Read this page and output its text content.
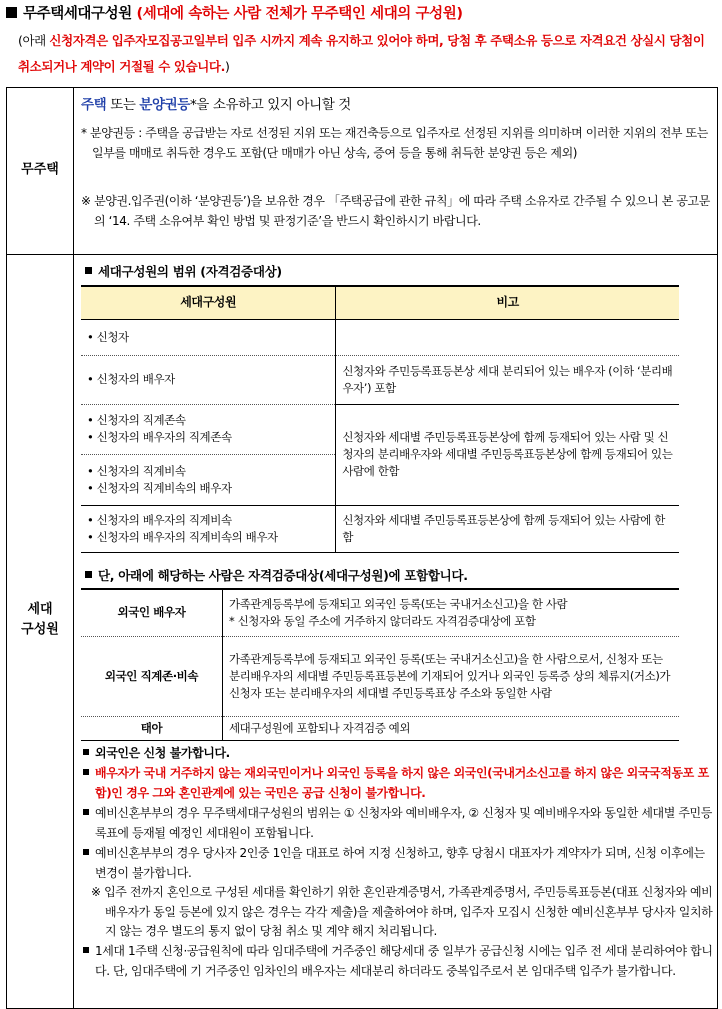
무주택세대구성원 (세대에 속하는 사람 전체가 무주택인 세대의 구성원)
(아래 신청자격은 입주자모집공고일부터 입주 시까지 계속 유지하고 있어야 하며, 당첨 후 주택소유 등으로 자격요건 상실시 당첨이 취소되거나 계약이 거절될 수 있습니다.)
무주택
주택 또는 분양권등*을 소유하고 있지 아니할 것
* 분양권등 : 주택을 공급받는 자로 선정된 지위 또는 재건축등으로 입주자로 선정된 지위를 의미하며 이러한 지위의 전부 또는 일부를 매매로 취득한 경우도 포함(단 매매가 아닌 상속, 증여 등을 통해 취득한 분양권 등은 제외)
※ 분양권.입주권(이하 ‘분양권등’)을 보유한 경우 「주택공급에 관한 규칙」에 따라 주택 소유자로 간주될 수 있으니 본 공고문의 ‘14. 주택 소유여부 확인 방법 및 판정기준’을 반드시 확인하시기 바랍니다.
세대
구성원
세대구성원의 범위 (자격검증대상)
세대구성원	비고

• 신청자	

• 신청자의 배우자	신청자와 주민등록표등본상 세대 분리되어 있는 배우자 (이하 ‘분리배우자’) 포함

• 신청자의 직계존속
• 신청자의 배우자의 직계존속	신청자와 세대별 주민등록표등본상에 함께 등재되어 있는 사람 및 신청자의 분리배우자와 세대별 주민등록표등본상에 함께 등재되어 있는 사람에 한함

• 신청자의 직계비속
• 신청자의 직계비속의 배우자	

• 신청자의 배우자의 직계비속
• 신청자의 배우자의 직계비속의 배우자	신청자와 세대별 주민등록표등본상에 함께 등재되어 있는 사람에 한함
단, 아래에 해당하는 사람은 자격검증대상(세대구성원)에 포함합니다.
외국인 배우자	가족관계등록부에 등재되고 외국인 등록(또는 국내거소신고)을 한 사람
* 신청자와 동일 주소에 거주하지 않더라도 자격검증대상에 포함

외국인 직계존·비속	가족관계등록부에 등재되고 외국인 등록(또는 국내거소신고)을 한 사람으로서, 신청자 또는 분리배우자의 세대별 주민등록표등본에 기재되어 있거나 외국인 등록증 상의 체류지(거소)가 신청자 또는 분리배우자의 세대별 주민등록표상 주소와 동일한 사람
태아	세대구성원에 포함되나 자격검증 예외
외국인은 신청 불가합니다.
배우자가 국내 거주하지 않는 재외국민이거나 외국인 등록을 하지 않은 외국인(국내거소신고를 하지 않은 외국국적동포 포함)인 경우 그와 혼인관계에 있는 국민은 공급 신청이 불가합니다.
예비신혼부부의 경우 무주택세대구성원의 범위는 ① 신청자와 예비배우자, ② 신청자 및 예비배우자와 동일한 세대별 주민등록표에 등재될 예정인 세대원이 포함됩니다.
예비신혼부부의 경우 당사자 2인중 1인을 대표로 하여 지정 신청하고, 향후 당첨시 대표자가 계약자가 되며, 신청 이후에는 변경이 불가합니다.
※ 입주 전까지 혼인으로 구성된 세대를 확인하기 위한 혼인관계증명서, 가족관계증명서, 주민등록표등본(대표 신청자와 예비배우자가 동일 등본에 있지 않은 경우는 각각 제출)을 제출하여야 하며, 입주자 모집시 신청한 예비신혼부부 당사자 일치하지 않는 경우 별도의 통지 없이 당첨 취소 및 계약 해지 처리됩니다.
1세대 1주택 신청·공급원칙에 따라 임대주택에 거주중인 해당세대 중 일부가 공급신청 시에는 입주 전 세대 분리하여야 합니다. 단, 임대주택에 기 거주중인 임차인의 배우자는 세대분리 하더라도 중복입주로서 본 임대주택 입주가 불가합니다.
